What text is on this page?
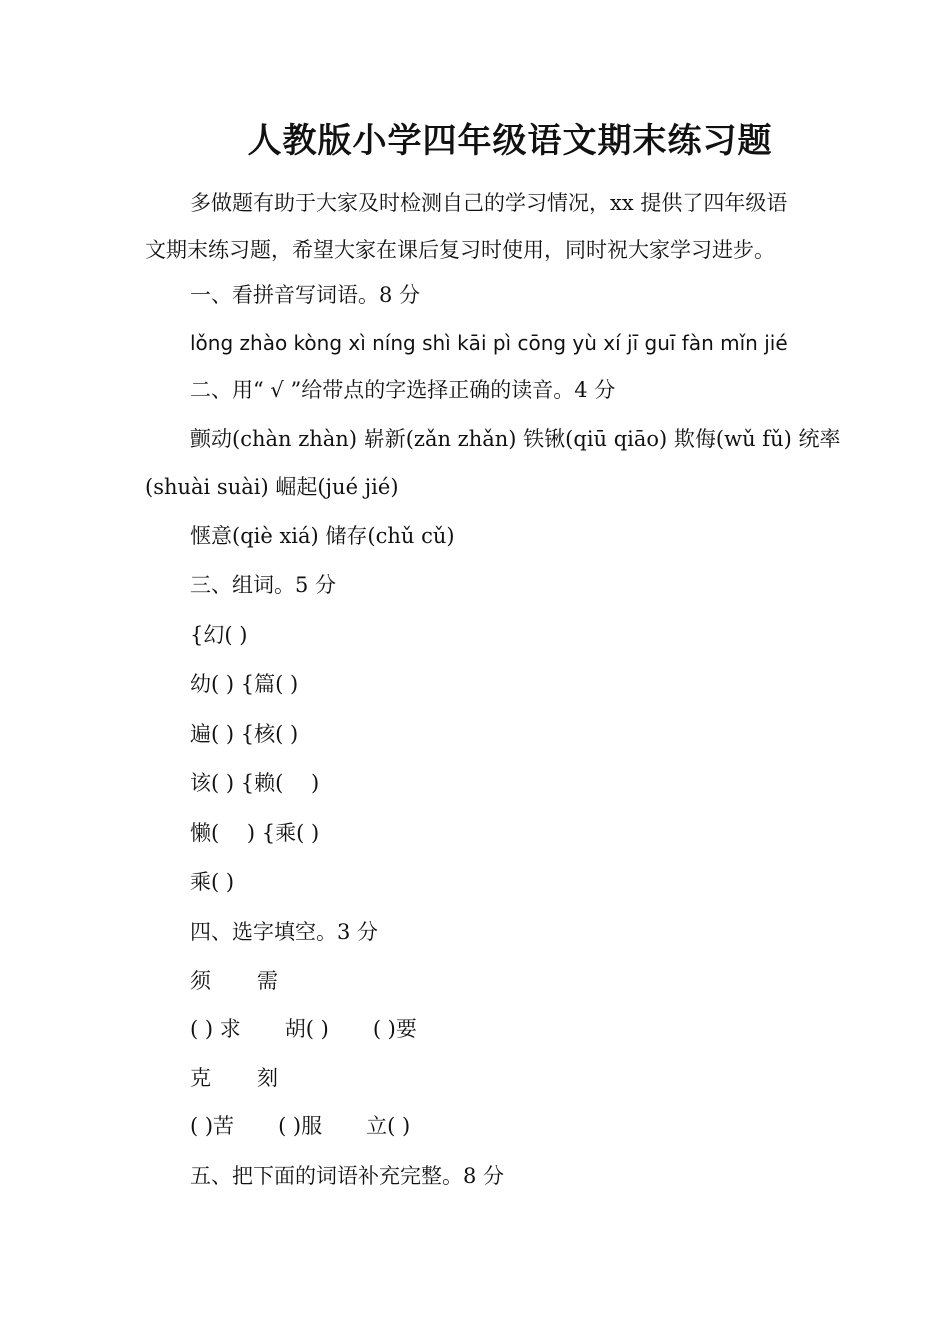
人教版小学四年级语文期末练习题
多做题有助于大家及时检测自己的学习情况，xx 提供了四年级语
文期末练习题，希望大家在课后复习时使用，同时祝大家学习进步。
一、看拼音写词语。8 分
lǒng zhào kòng xì níng shì kāi pì cōng yù xí jī guī fàn mǐn jié
二、用“ √ ”给带点的字选择正确的读音。4 分
颤动(chàn zhàn) 崭新(zǎn zhǎn) 铁锹(qiū qiāo) 欺侮(wǔ fǔ) 统率
(shuài suài) 崛起(jué jié)
惬意(qiè xiá) 储存(chǔ cǔ)
三、组词。5 分
{幻( )
幼( ) {篇( )
遍( ) {核( )
该( ) {赖(　 )
懒(　 ) {乘( )
乘( )
四、选字填空。3 分
须 需
( ) 求 胡( ) ( )要
克 刻
( )苦 ( )服 立( )
五、把下面的词语补充完整。8 分
